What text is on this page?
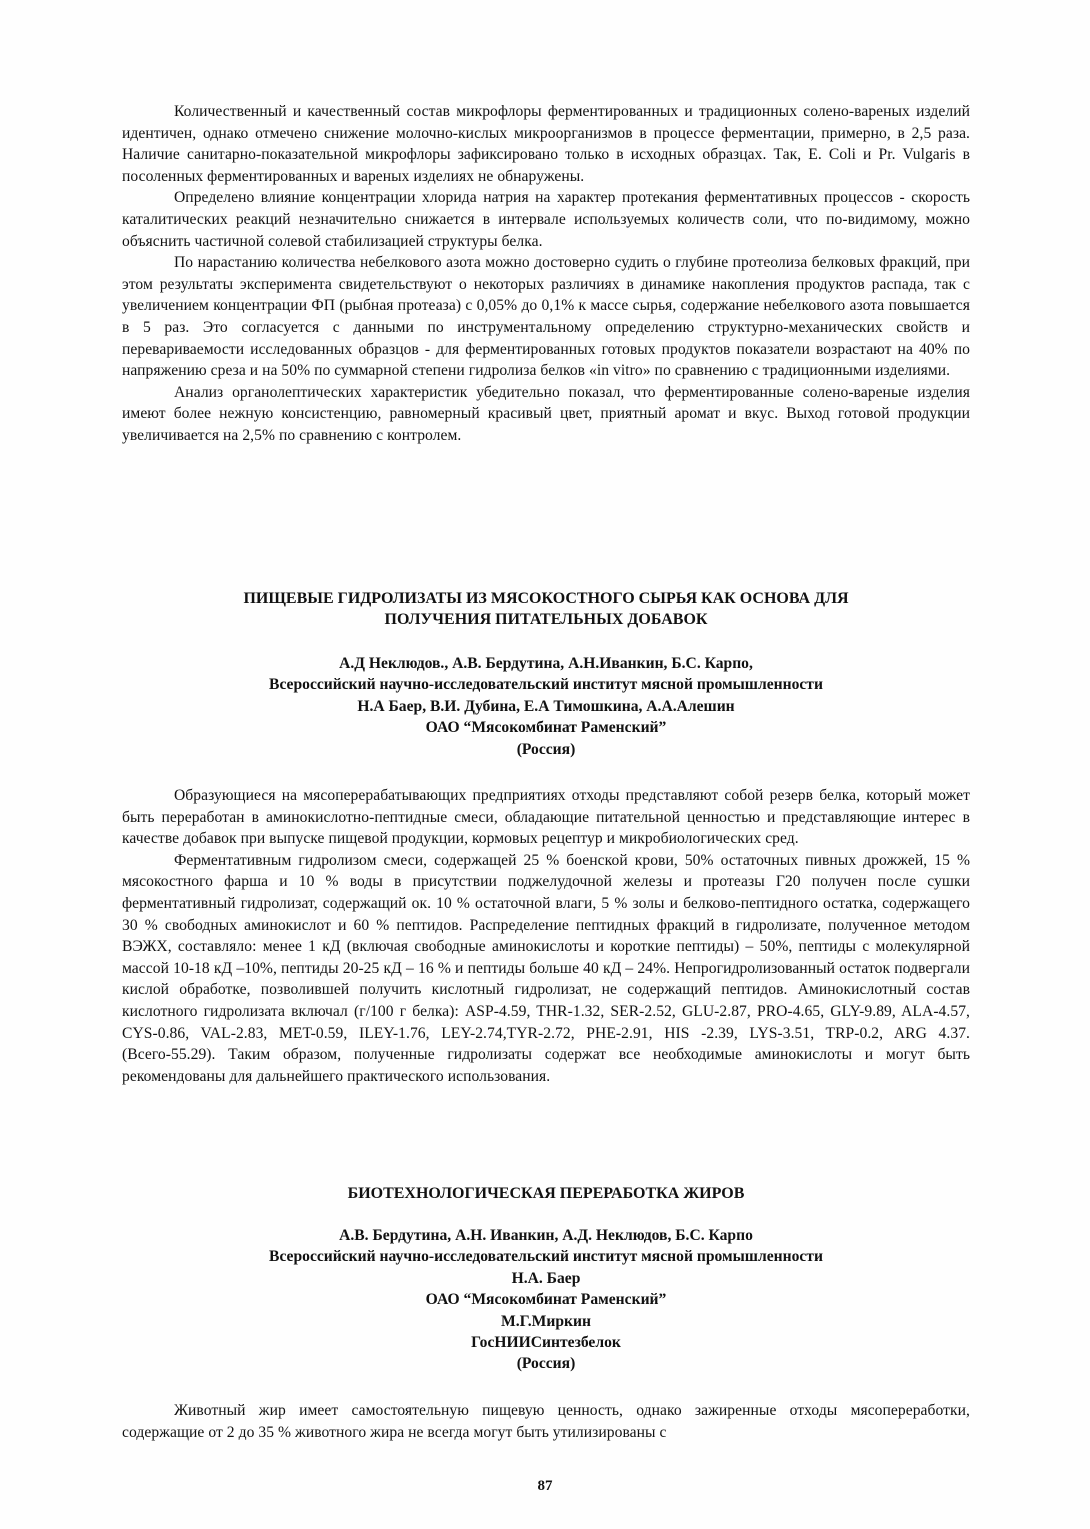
Количественный и качественный состав микрофлоры ферментированных и традиционных солено-вареных изделий идентичен, однако отмечено снижение молочно-кислых микроорганизмов в процессе ферментации, примерно, в 2,5 раза. Наличие санитарно-показательной микрофлоры зафиксировано только в исходных образцах. Так, E. Coli и Pr. Vulgaris в посоленных ферментированных и вареных изделиях не обнаружены.

Определено влияние концентрации хлорида натрия на характер протекания ферментативных процессов - скорость каталитических реакций незначительно снижается в интервале используемых количеств соли, что по-видимому, можно объяснить частичной солевой стабилизацией структуры белка.

По нарастанию количества небелкового азота можно достоверно судить о глубине протеолиза белковых фракций, при этом результаты эксперимента свидетельствуют о некоторых различиях в динамике накопления продуктов распада, так с увеличением концентрации ФП (рыбная протеаза) с 0,05% до 0,1% к массе сырья, содержание небелкового азота повышается в 5 раз. Это согласуется с данными по инструментальному определению структурно-механических свойств и перевариваемости исследованных образцов - для ферментированных готовых продуктов показатели возрастают на 40% по напряжению среза и на 50% по суммарной степени гидролиза белков «in vitro» по сравнению с традиционными изделиями.

Анализ органолептических характеристик убедительно показал, что ферментированные солено-вареные изделия имеют более нежную консистенцию, равномерный красивый цвет, приятный аромат и вкус. Выход готовой продукции увеличивается на 2,5% по сравнению с контролем.

ПИЩЕВЫЕ ГИДРОЛИЗАТЫ ИЗ МЯСОКОСТНОГО СЫРЬЯ КАК ОСНОВА ДЛЯ
ПОЛУЧЕНИЯ ПИТАТЕЛЬНЫХ ДОБАВОК
А.Д Неклюдов., А.В. Бердутина, А.Н.Иванкин, Б.С. Карпо,
Всероссийский научно-исследовательский институт мясной промышленности
Н.А Баер, В.И. Дубина, Е.А Тимошкина, А.А.Алешин
ОАО “Мясокомбинат Раменский”
(Россия)

Образующиеся на мясоперерабатывающих предприятиях отходы представляют собой резерв белка, который может быть переработан в аминокислотно-пептидные смеси, обладающие питательной ценностью и представляющие интерес в качестве добавок при выпуске пищевой продукции, кормовых рецептур и микробиологических сред.

Ферментативным гидролизом смеси, содержащей 25 % боенской крови, 50% остаточных пивных дрожжей, 15 % мясокостного фарша и 10 % воды в присутствии поджелудочной железы и протеазы Г20 получен после сушки ферментативный гидролизат, содержащий ок. 10 % остаточной влаги, 5 % золы и белково-пептидного остатка, содержащего 30 % свободных аминокислот и 60 % пептидов. Распределение пептидных фракций в гидролизате, полученное методом ВЭЖХ, составляло: менее 1 кД (включая свободные аминокислоты и короткие пептиды) – 50%, пептиды с молекулярной массой 10-18 кД –10%, пептиды 20-25 кД – 16 % и пептиды больше 40 кД – 24%. Непрогидролизованный остаток подвергали кислой обработке, позволившей получить кислотный гидролизат, не содержащий пептидов. Аминокислотный состав кислотного гидролизата включал (г/100 г белка): ASP-4.59, THR-1.32, SER-2.52, GLU-2.87, PRO-4.65, GLY-9.89, ALA-4.57, CYS-0.86, VAL-2.83, MET-0.59, ILEY-1.76, LEY-2.74,TYR-2.72, PHE-2.91, HIS -2.39, LYS-3.51, TRP-0.2, ARG 4.37. (Всего-55.29). Таким образом, полученные гидролизаты содержат все необходимые аминокислоты и могут быть рекомендованы для дальнейшего практического использования.

БИОТЕХНОЛОГИЧЕСКАЯ ПЕРЕРАБОТКА ЖИРОВ
А.В. Бердутина, А.Н. Иванкин, А.Д. Неклюдов, Б.С. Карпо
Всероссийский научно-исследовательский институт мясной промышленности
Н.А. Баер
ОАО “Мясокомбинат Раменский”
М.Г.Миркин
ГосНИИСинтезбелок
(Россия)

Животный жир имеет самостоятельную пищевую ценность, однако зажиренные отходы мясопереработки, содержащие от 2 до 35 % животного жира не всегда могут быть утилизированы с

87
